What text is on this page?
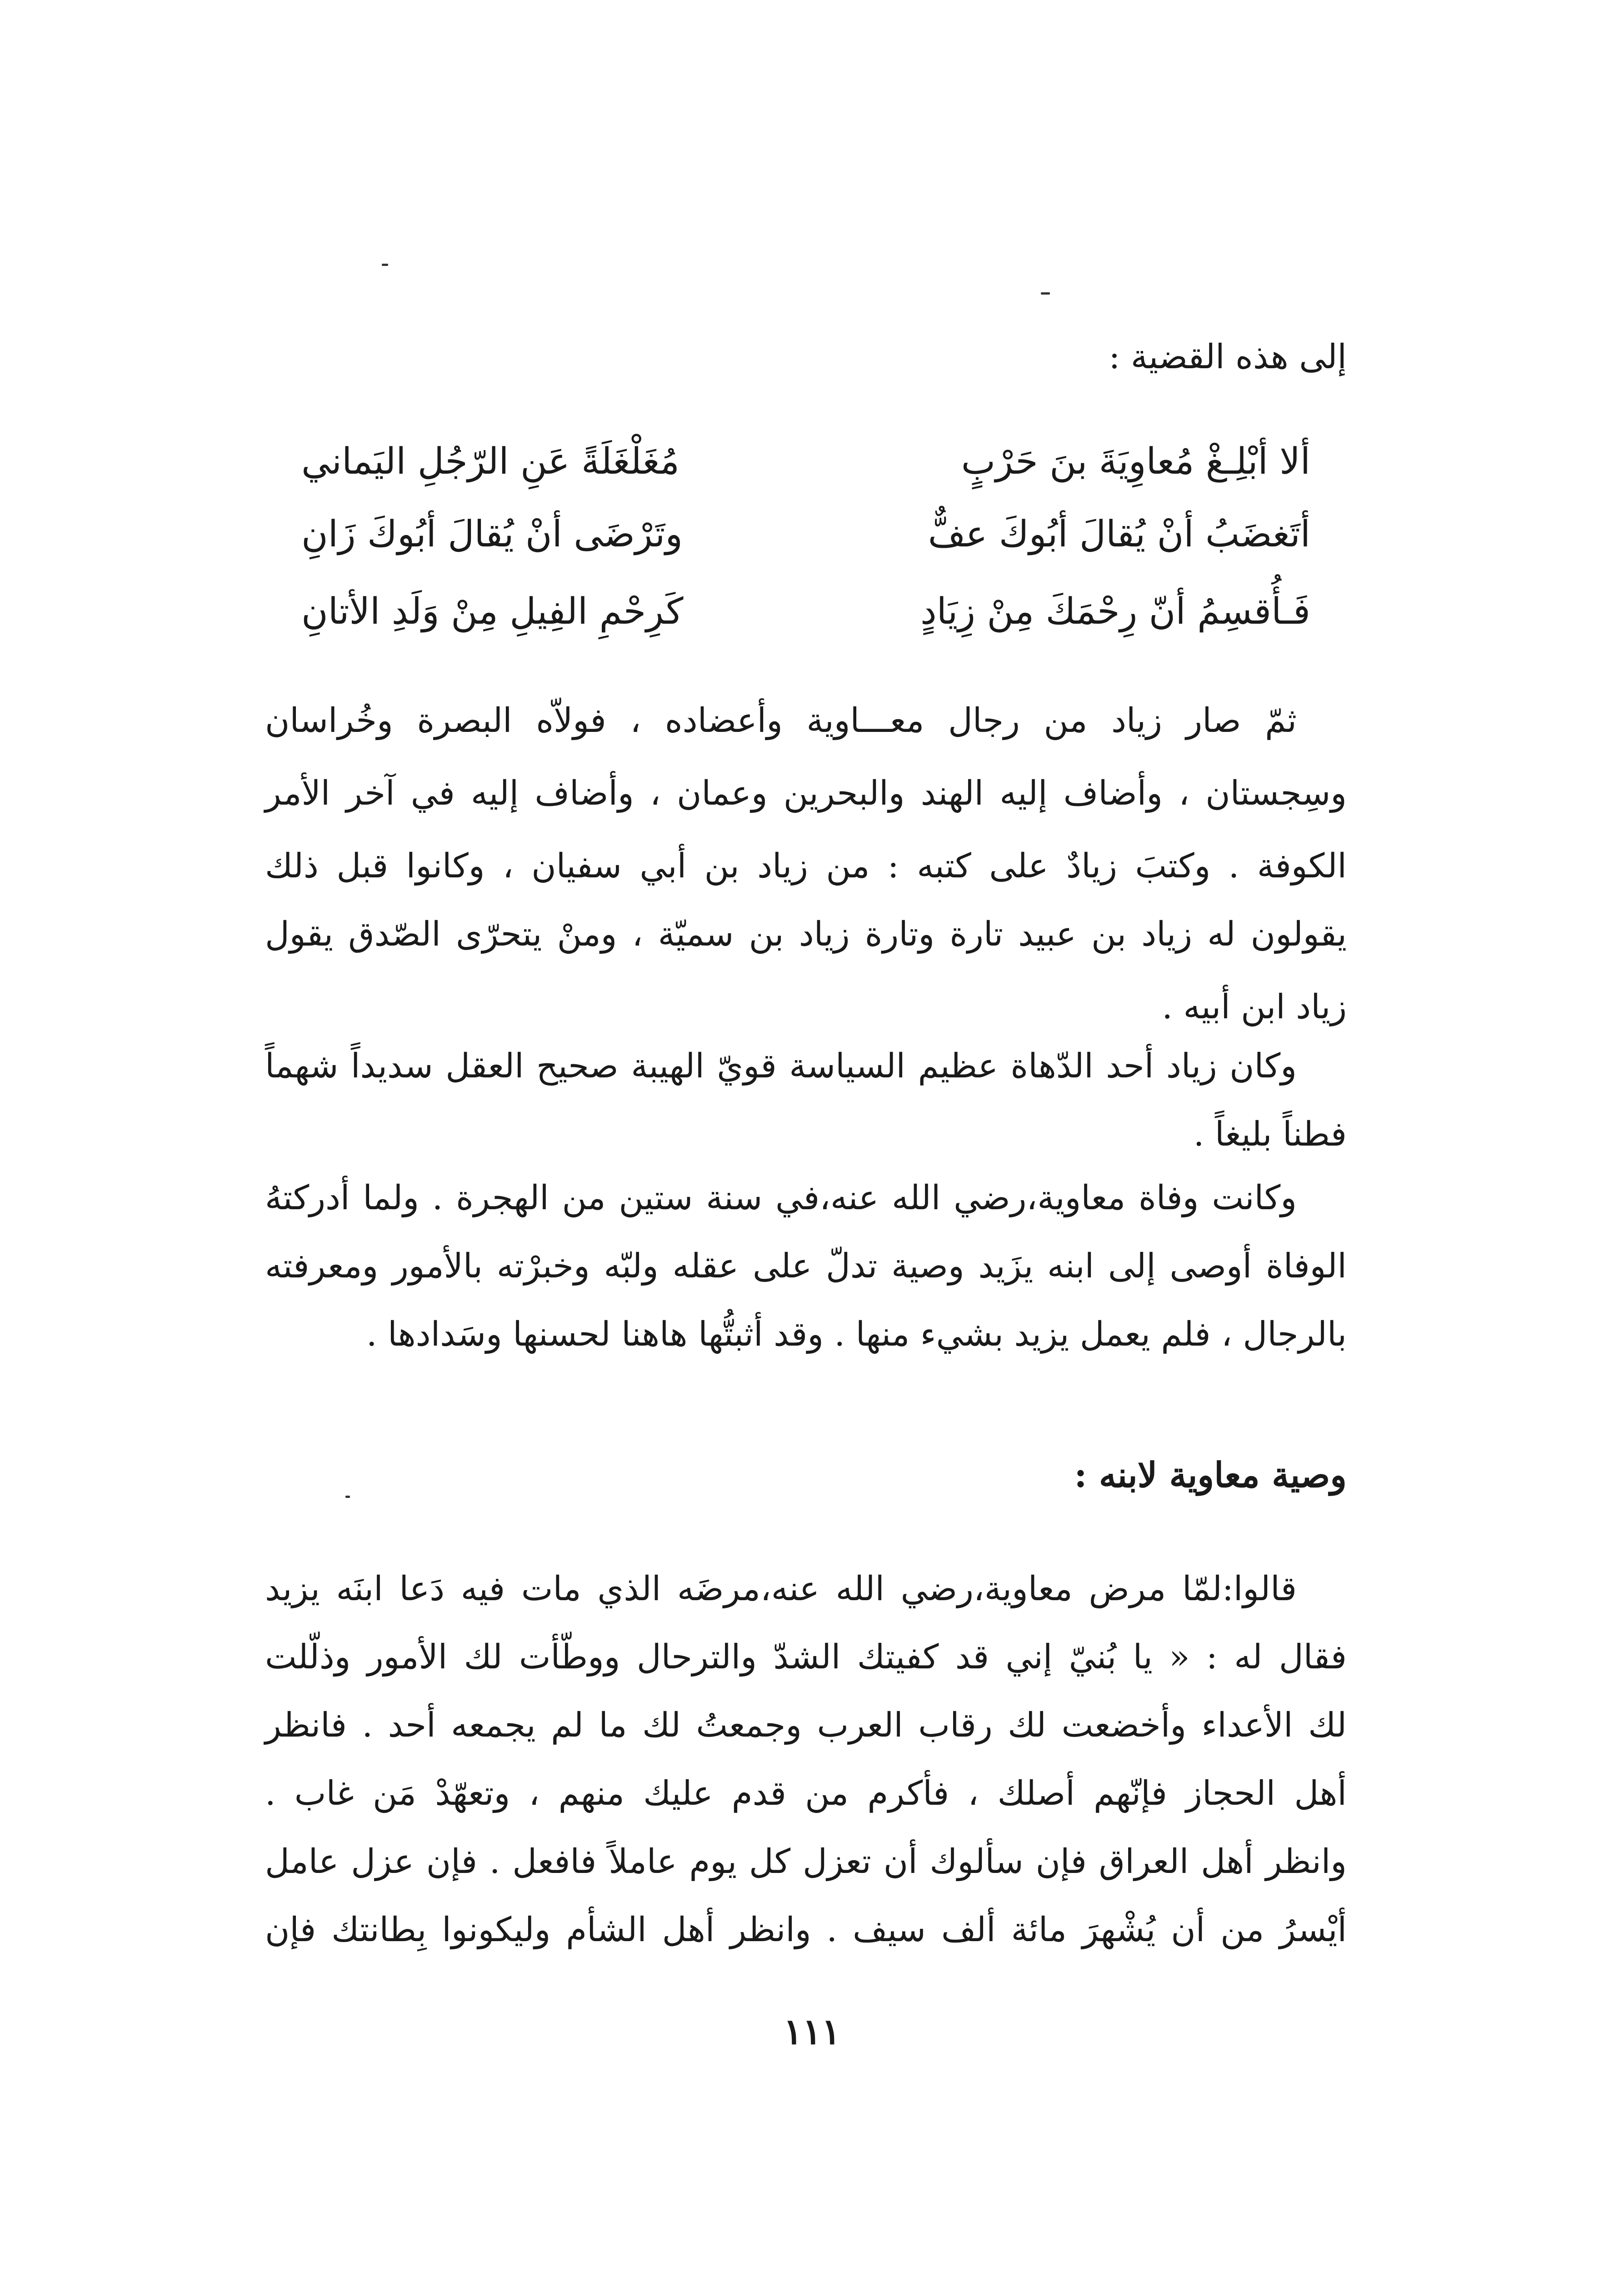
إلى هذه القضية :
ألا أبْلِـغْ مُعاوِيَةَ بنَ حَرْبٍ
مُغَلْغَلَةً عَنِ الرّجُلِ اليَماني
أتَغضَبُ أنْ يُقالَ أبُوكَ عفٌّ
وتَرْضَى أنْ يُقالَ أبُوكَ زَانِ
فَـأُقسِمُ أنّ رِحْمَكَ مِنْ زِيَادٍ
كَرِحْمِ الفِيلِ مِنْ وَلَدِ الأتانِ
ثمّ صار زياد من رجال معـــاوية وأعضاده ، فولاّه البصرة وخُراسان
وسِجستان ، وأضاف إليه الهند والبحرين وعمان ، وأضاف إليه في آخر الأمر
الكوفة . وكتبَ زيادٌ على كتبه : من زياد بن أبي سفيان ، وكانوا قبل ذلك
يقولون له زياد بن عبيد تارة وتارة زياد بن سميّة ، ومنْ يتحرّى الصّدق يقول
زياد ابن أبيه .
وكان زياد أحد الدّهاة عظيم السياسة قويّ الهيبة صحيح العقل سديداً شهماً
فطناً بليغاً .
وكانت وفاة معاوية،رضي الله عنه،في سنة ستين من الهجرة . ولما أدركتهُ
الوفاة أوصى إلى ابنه يزَيد وصية تدلّ على عقله ولبّه وخبرْته بالأمور ومعرفته
بالرجال ، فلم يعمل يزيد بشيء منها . وقد أثبتُّها هاهنا لحسنها وسَدادها .
وصية معاوية لابنه :
قالوا:لمّا مرض معاوية،رضي الله عنه،مرضَه الذي مات فيه دَعا ابنَه يزيد
فقال له : « يا بُنيّ إني قد كفيتك الشدّ والترحال ووطّأت لك الأمور وذلّلت
لك الأعداء وأخضعت لك رقاب العرب وجمعتُ لك ما لم يجمعه أحد . فانظر
أهل الحجاز فإنّهم أصلك ، فأكرم من قدم عليك منهم ، وتعهّدْ مَن غاب .
وانظر أهل العراق فإن سألوك أن تعزل كل يوم عاملاً فافعل . فإن عزل عامل
أيْسرُ من أن يُشْهرَ مائة ألف سيف . وانظر أهل الشأم وليكونوا بِطانتك فإن
١١١
